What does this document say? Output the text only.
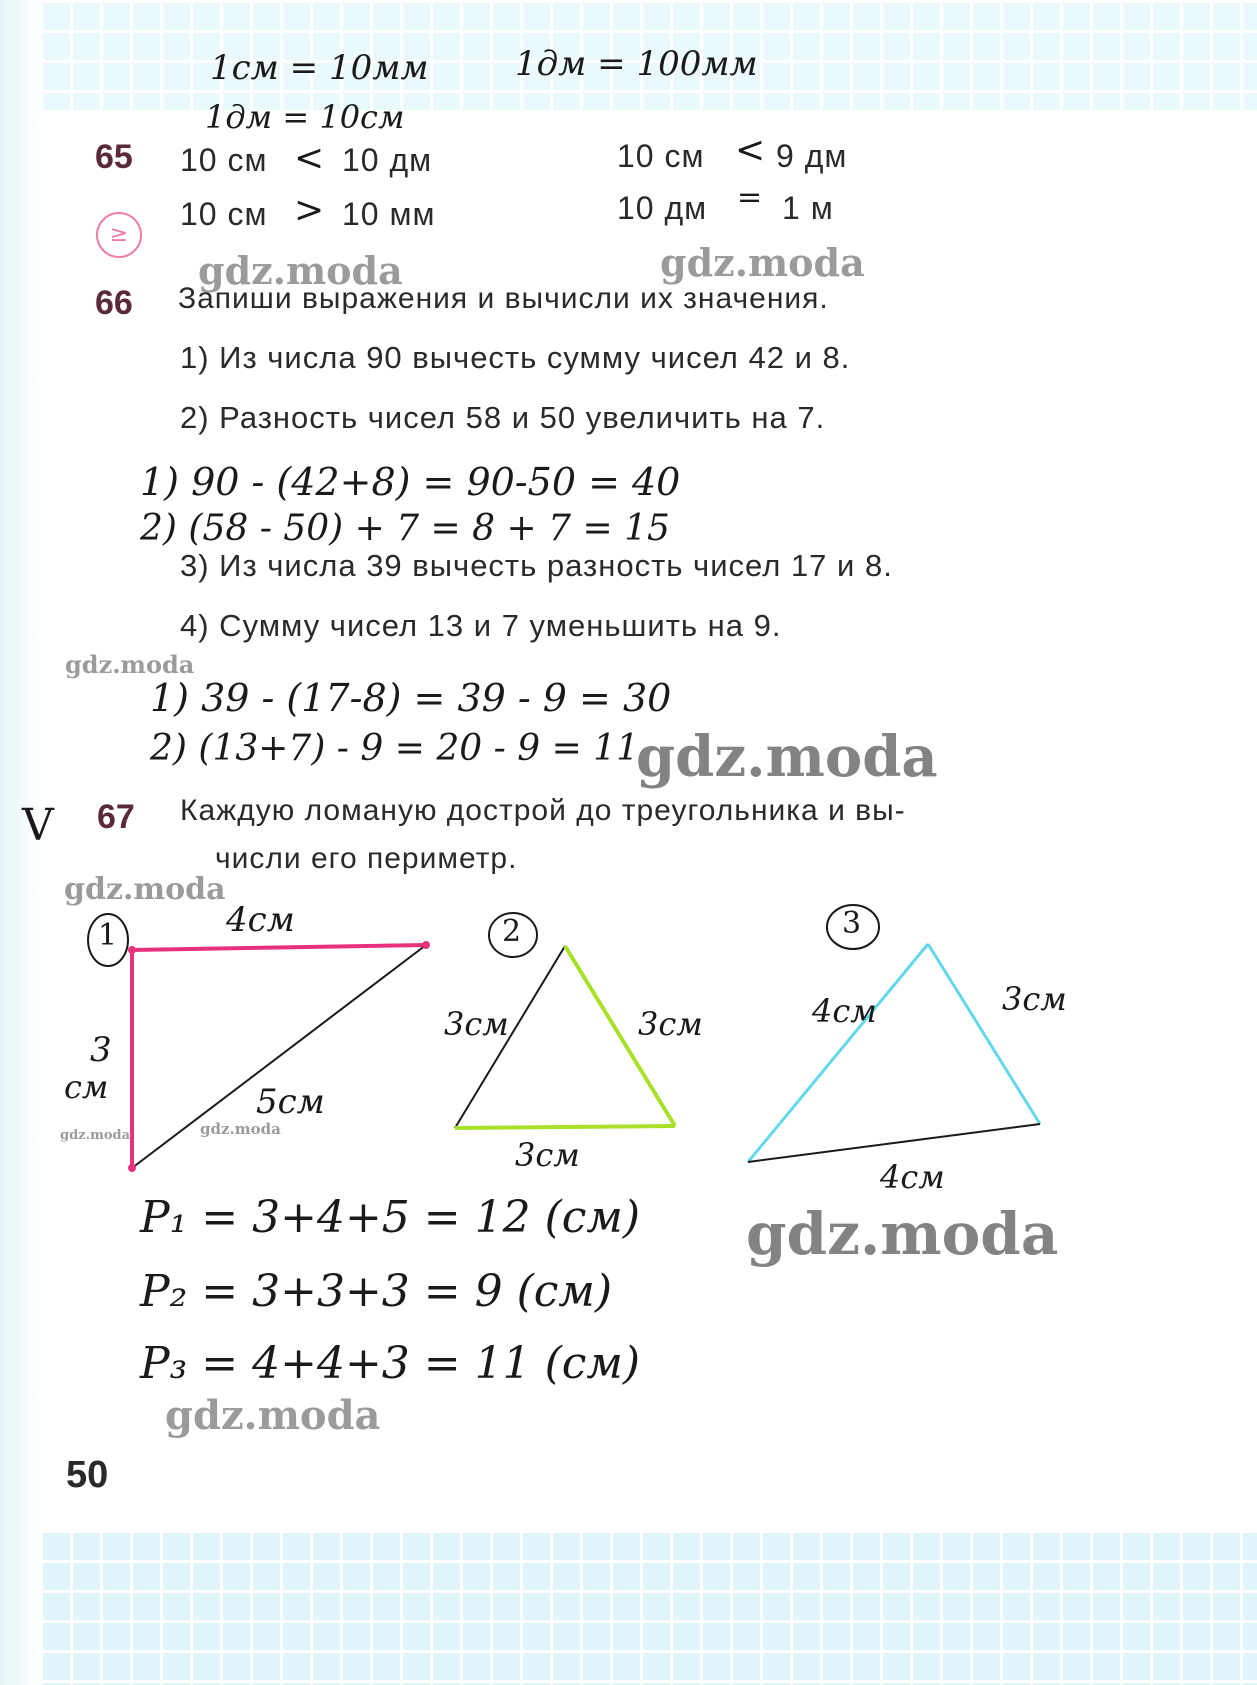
1см = 10мм	1дм = 100мм
1дм = 10см
65
≥
10 см < 10 дм
10 см > 10 мм
10 см < 9 дм
10 дм = 1 м
gdz.moda	gdz.moda
66 Запиши выражения и вычисли их значения.
1) Из числа 90 вычесть сумму чисел 42 и 8.
2) Разность чисел 58 и 50 увеличить на 7.
1) 90 - (42+8) = 90-50 = 40
2) (58 - 50) + 7 = 8 + 7 = 15
3) Из числа 39 вычесть разность чисел 17 и 8.
4) Сумму чисел 13 и 7 уменьшить на 9.
gdz.moda
1) 39 - (17-8) = 39 - 9 = 30
2) (13+7) - 9 = 20 - 9 = 11
gdz.moda
V 67 Каждую ломаную дострой до треугольника и вы-
числи его периметр.
gdz.moda
1	4см
3
см	5см
2
3см	3см
3см
3
4см	3см
4см
gdz.moda	gdz.moda
P₁ = 3+4+5 = 12 (см)
P₂ = 3+3+3 = 9 (см)
P₃ = 4+4+3 = 11 (см)
gdz.moda
gdz.moda
50
